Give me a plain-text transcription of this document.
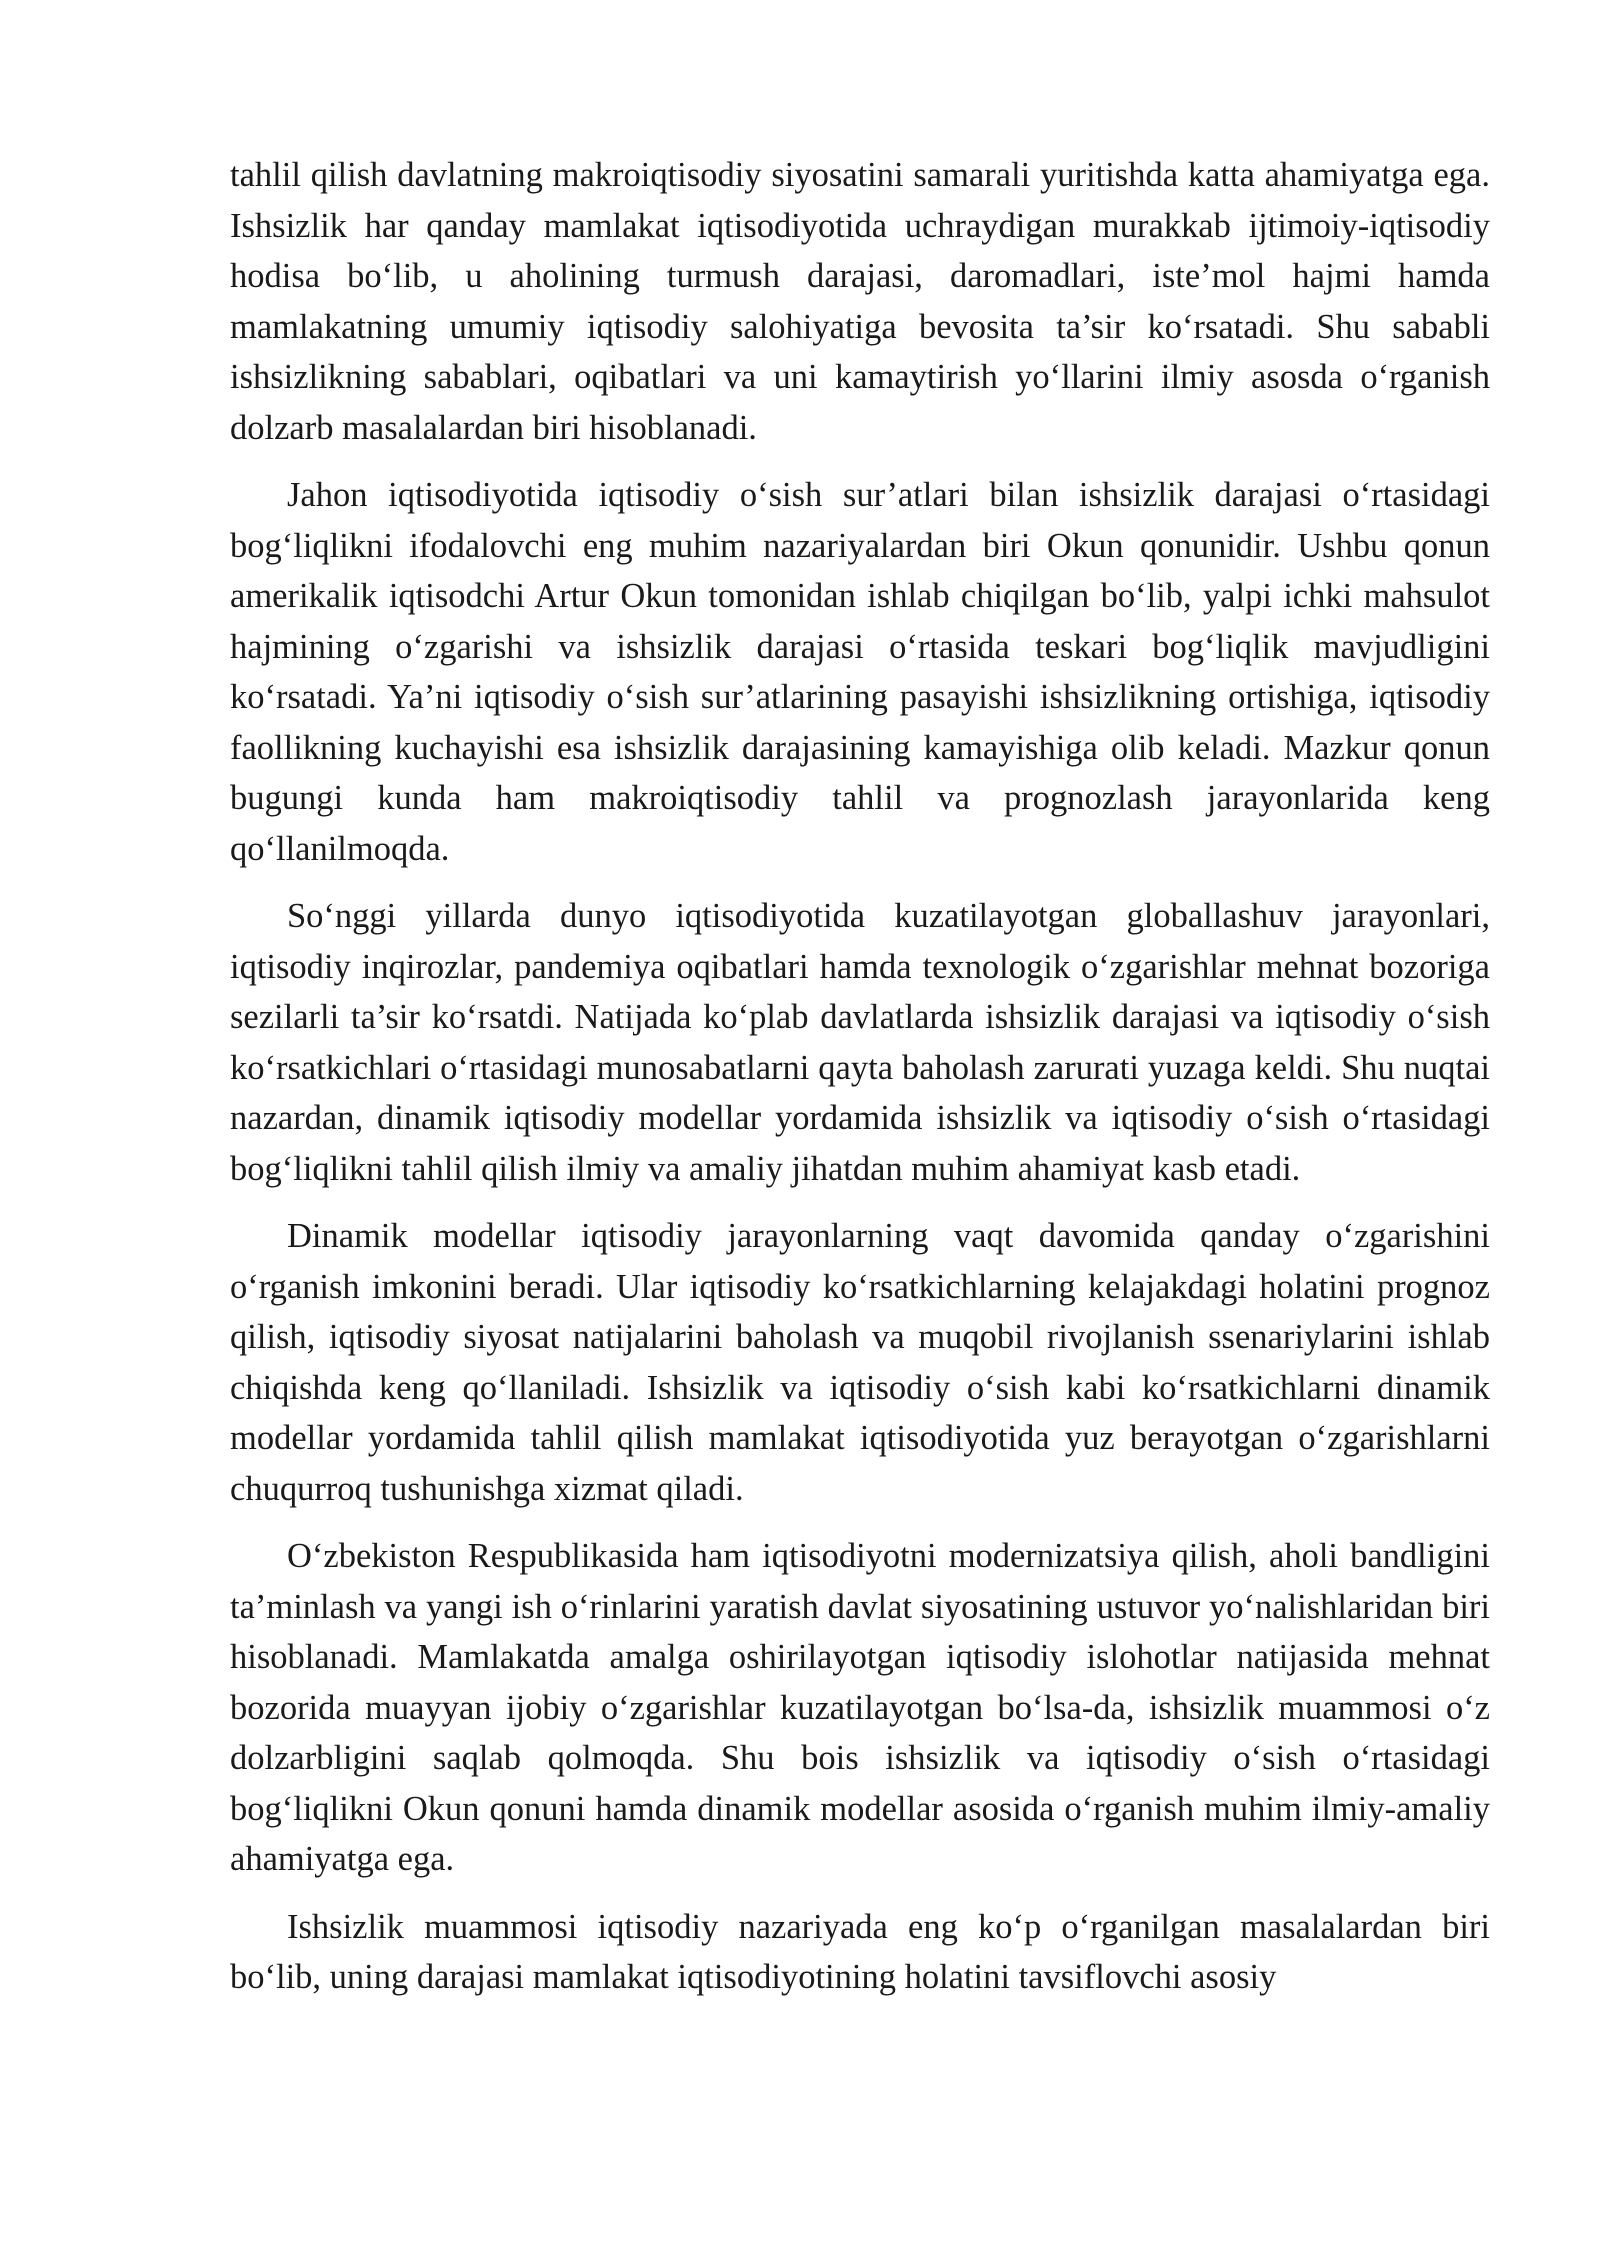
tahlil qilish davlatning makroiqtisodiy siyosatini samarali yuritishda katta ahamiyatga ega. Ishsizlik har qanday mamlakat iqtisodiyotida uchraydigan murakkab ijtimoiy-iqtisodiy hodisa bo‘lib, u aholining turmush darajasi, daromadlari, iste’mol hajmi hamda mamlakatning umumiy iqtisodiy salohiyatiga bevosita ta’sir ko‘rsatadi. Shu sababli ishsizlikning sabablari, oqibatlari va uni kamaytirish yo‘llarini ilmiy asosda o‘rganish dolzarb masalalardan biri hisoblanadi.

Jahon iqtisodiyotida iqtisodiy o‘sish sur’atlari bilan ishsizlik darajasi o‘rtasidagi bog‘liqlikni ifodalovchi eng muhim nazariyalardan biri Okun qonunidir. Ushbu qonun amerikalik iqtisodchi Artur Okun tomonidan ishlab chiqilgan bo‘lib, yalpi ichki mahsulot hajmining o‘zgarishi va ishsizlik darajasi o‘rtasida teskari bog‘liqlik mavjudligini ko‘rsatadi. Ya’ni iqtisodiy o‘sish sur’atlarining pasayishi ishsizlikning ortishiga, iqtisodiy faollikning kuchayishi esa ishsizlik darajasining kamayishiga olib keladi. Mazkur qonun bugungi kunda ham makroiqtisodiy tahlil va prognozlash jarayonlarida keng qo‘llanilmoqda.

So‘nggi yillarda dunyo iqtisodiyotida kuzatilayotgan globallashuv jarayonlari, iqtisodiy inqirozlar, pandemiya oqibatlari hamda texnologik o‘zgarishlar mehnat bozoriga sezilarli ta’sir ko‘rsatdi. Natijada ko‘plab davlatlarda ishsizlik darajasi va iqtisodiy o‘sish ko‘rsatkichlari o‘rtasidagi munosabatlarni qayta baholash zarurati yuzaga keldi. Shu nuqtai nazardan, dinamik iqtisodiy modellar yordamida ishsizlik va iqtisodiy o‘sish o‘rtasidagi bog‘liqlikni tahlil qilish ilmiy va amaliy jihatdan muhim ahamiyat kasb etadi.

Dinamik modellar iqtisodiy jarayonlarning vaqt davomida qanday o‘zgarishini o‘rganish imkonini beradi. Ular iqtisodiy ko‘rsatkichlarning kelajakdagi holatini prognoz qilish, iqtisodiy siyosat natijalarini baholash va muqobil rivojlanish ssenariylarini ishlab chiqishda keng qo‘llaniladi. Ishsizlik va iqtisodiy o‘sish kabi ko‘rsatkichlarni dinamik modellar yordamida tahlil qilish mamlakat iqtisodiyotida yuz berayotgan o‘zgarishlarni chuqurroq tushunishga xizmat qiladi.

O‘zbekiston Respublikasida ham iqtisodiyotni modernizatsiya qilish, aholi bandligini ta’minlash va yangi ish o‘rinlarini yaratish davlat siyosatining ustuvor yo‘nalishlaridan biri hisoblanadi. Mamlakatda amalga oshirilayotgan iqtisodiy islohotlar natijasida mehnat bozorida muayyan ijobiy o‘zgarishlar kuzatilayotgan bo‘lsa-da, ishsizlik muammosi o‘z dolzarbligini saqlab qolmoqda. Shu bois ishsizlik va iqtisodiy o‘sish o‘rtasidagi bog‘liqlikni Okun qonuni hamda dinamik modellar asosida o‘rganish muhim ilmiy-amaliy ahamiyatga ega.

Ishsizlik muammosi iqtisodiy nazariyada eng ko‘p o‘rganilgan masalalardan biri bo‘lib, uning darajasi mamlakat iqtisodiyotining holatini tavsiflovchi asosiy
